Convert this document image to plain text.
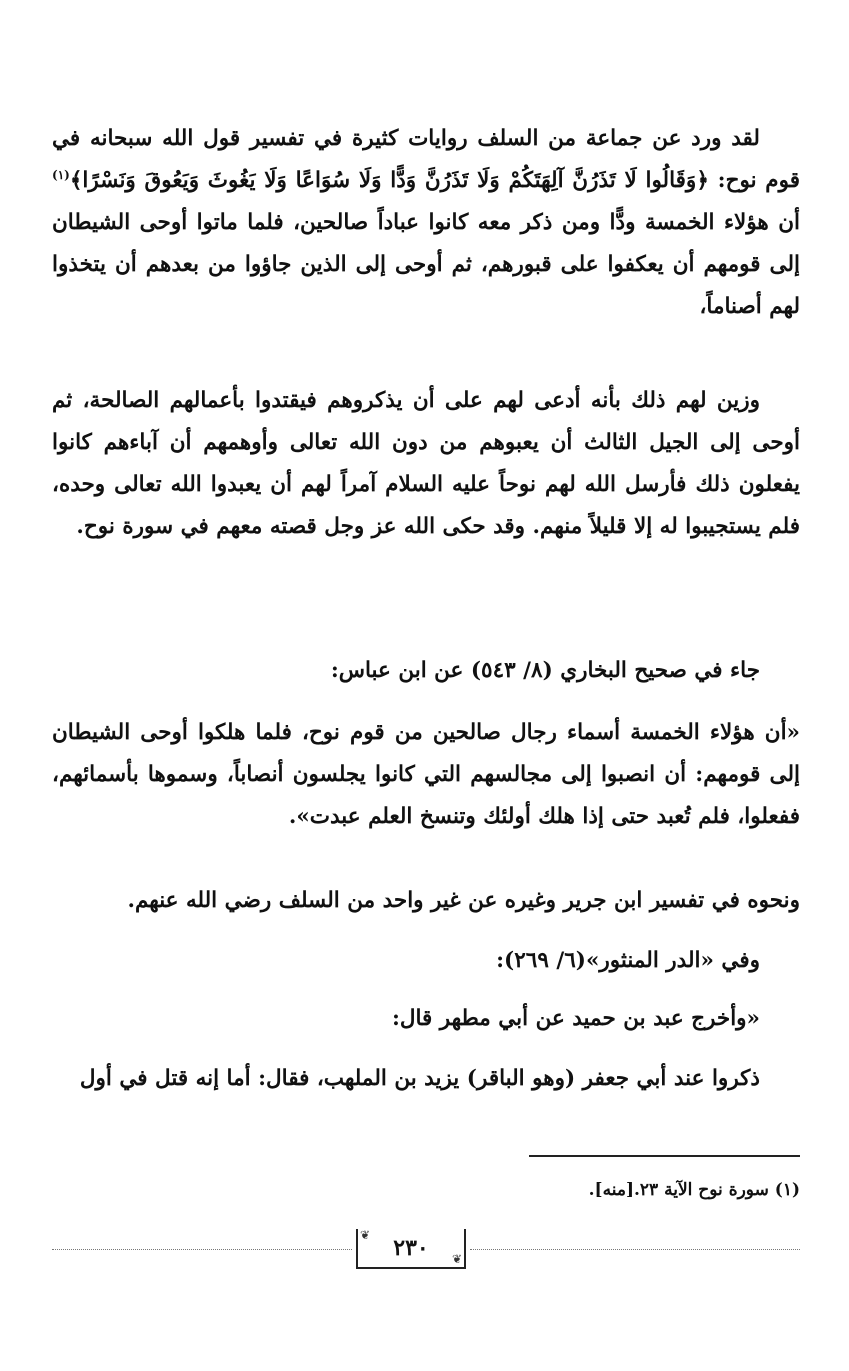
لقد ورد عن جماعة من السلف روايات كثيرة في تفسير قول الله سبحانه في قوم نوح: ﴿وَقَالُوا لَا تَذَرُنَّ آلِهَتَكُمْ وَلَا تَذَرُنَّ وَدًّا وَلَا سُوَاعًا وَلَا يَغُوثَ وَيَعُوقَ وَنَسْرًا﴾$^{(١)}$ أن هؤلاء الخمسة ودًّا ومن ذكر معه كانوا عباداً صالحين، فلما ماتوا أوحى الشيطان إلى قومهم أن يعكفوا على قبورهم، ثم أوحى إلى الذين جاؤوا من بعدهم أن يتخذوا لهم أصناماً،

وزين لهم ذلك بأنه أدعى لهم على أن يذكروهم فيقتدوا بأعمالهم الصالحة، ثم أوحى إلى الجيل الثالث أن يعبوهم من دون الله تعالى وأوهمهم أن آباءهم كانوا يفعلون ذلك فأرسل الله لهم نوحاً عليه السلام آمراً لهم أن يعبدوا الله تعالى وحده، فلم يستجيبوا له إلا قليلاً منهم. وقد حكى الله عز وجل قصته معهم في سورة نوح.

جاء في صحيح البخاري (٨/ ٥٤٣) عن ابن عباس:

«أن هؤلاء الخمسة أسماء رجال صالحين من قوم نوح، فلما هلكوا أوحى الشيطان إلى قومهم: أن انصبوا إلى مجالسهم التي كانوا يجلسون أنصاباً، وسموها بأسمائهم، ففعلوا، فلم تُعبد حتى إذا هلك أولئك وتنسخ العلم عبدت».

ونحوه في تفسير ابن جرير وغيره عن غير واحد من السلف رضي الله عنهم.

وفي «الدر المنثور»(٦/ ٢٦٩):

«وأخرج عبد بن حميد عن أبي مطهر قال:

ذكروا عند أبي جعفر (وهو الباقر) يزيد بن الملهب، فقال: أما إنه قتل في أول

(١) سورة نوح الآية ٢٣.[منه].
❦
❦
٢٣٠
